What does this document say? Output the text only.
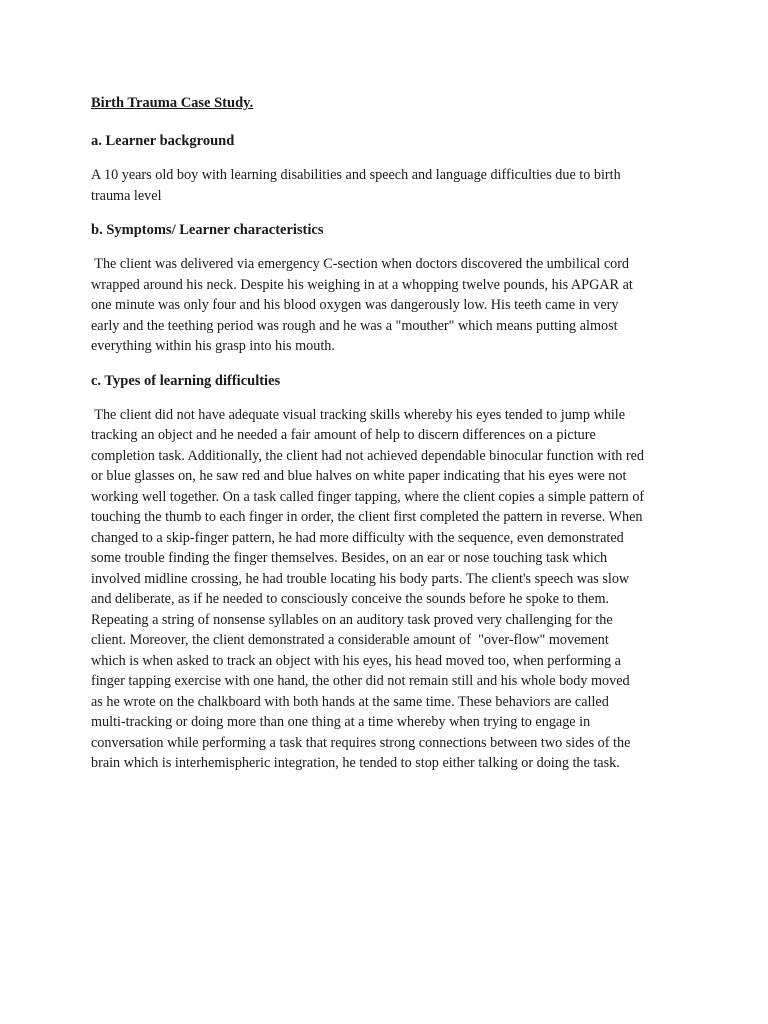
Birth Trauma Case Study.
a. Learner background
A 10 years old boy with learning disabilities and speech and language difficulties due to birth
trauma level
b. Symptoms/ Learner characteristics
The client was delivered via emergency C-section when doctors discovered the umbilical cord
wrapped around his neck. Despite his weighing in at a whopping twelve pounds, his APGAR at
one minute was only four and his blood oxygen was dangerously low. His teeth came in very
early and the teething period was rough and he was a "mouther" which means putting almost
everything within his grasp into his mouth.
c. Types of learning difficulties
The client did not have adequate visual tracking skills whereby his eyes tended to jump while
tracking an object and he needed a fair amount of help to discern differences on a picture
completion task. Additionally, the client had not achieved dependable binocular function with red
or blue glasses on, he saw red and blue halves on white paper indicating that his eyes were not
working well together. On a task called finger tapping, where the client copies a simple pattern of
touching the thumb to each finger in order, the client first completed the pattern in reverse. When
changed to a skip-finger pattern, he had more difficulty with the sequence, even demonstrated
some trouble finding the finger themselves. Besides, on an ear or nose touching task which
involved midline crossing, he had trouble locating his body parts. The client's speech was slow
and deliberate, as if he needed to consciously conceive the sounds before he spoke to them.
Repeating a string of nonsense syllables on an auditory task proved very challenging for the
client. Moreover, the client demonstrated a considerable amount of  "over-flow" movement
which is when asked to track an object with his eyes, his head moved too, when performing a
finger tapping exercise with one hand, the other did not remain still and his whole body moved
as he wrote on the chalkboard with both hands at the same time. These behaviors are called
multi-tracking or doing more than one thing at a time whereby when trying to engage in
conversation while performing a task that requires strong connections between two sides of the
brain which is interhemispheric integration, he tended to stop either talking or doing the task.
